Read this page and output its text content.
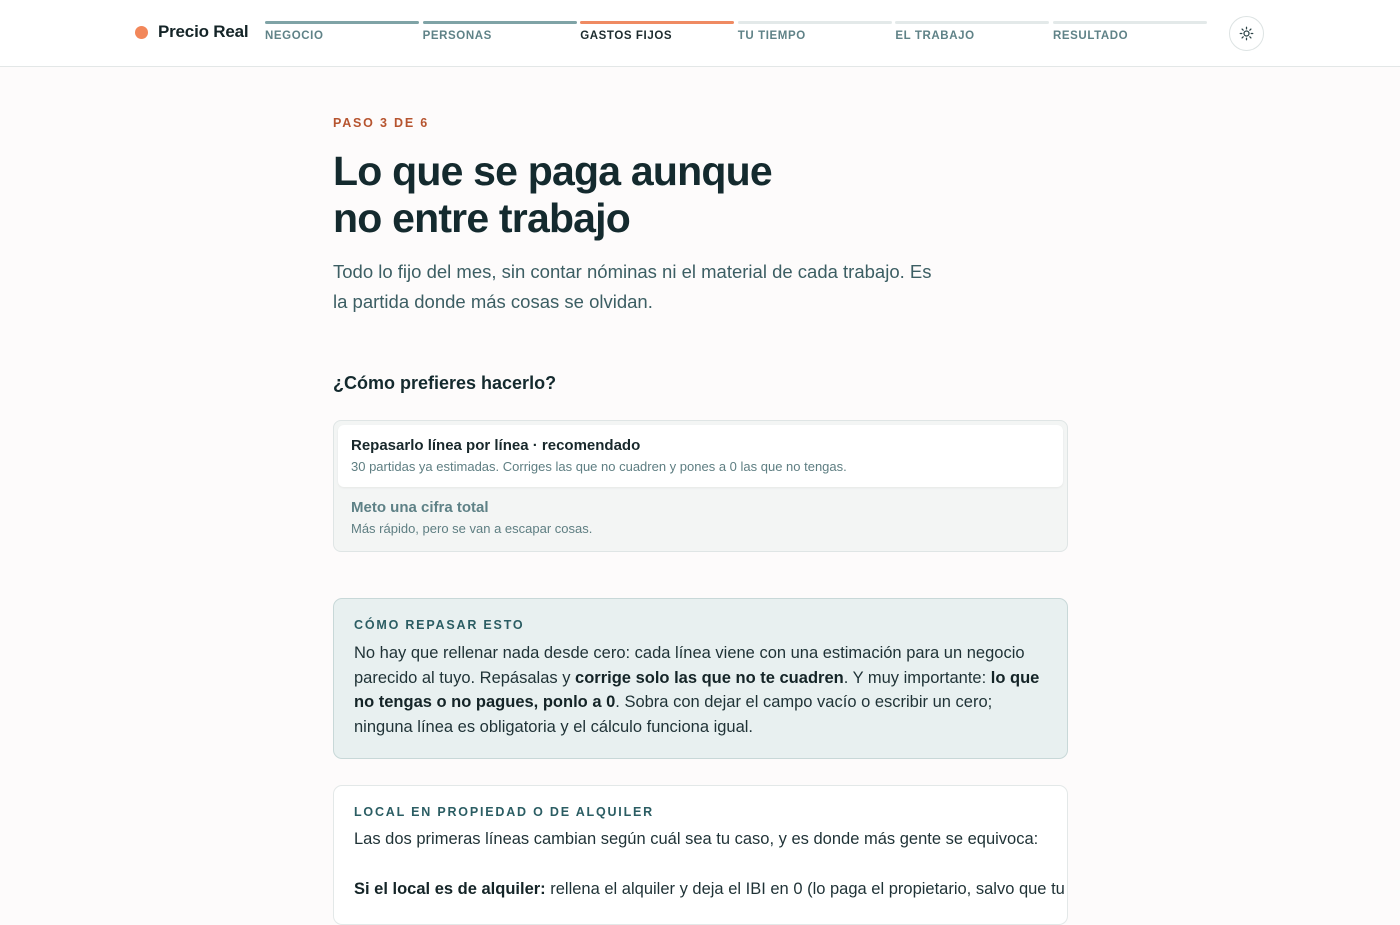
Precio Real NEGOCIO	PERSONAS	GASTOS FIJOS	TU TIEMPO	EL TRABAJO	RESULTADO
PASO 3 DE 6
Lo que se paga aunque
no entre trabajo

Todo lo fijo del mes, sin contar nóminas ni el material de cada trabajo. Es la partida donde más cosas se olvidan.

¿Cómo prefieres hacerlo?
Repasarlo línea por línea · recomendado
30 partidas ya estimadas. Corriges las que no cuadren y pones a 0 las que no tengas.
Meto una cifra total
Más rápido, pero se van a escapar cosas.
CÓMO REPASAR ESTO

No hay que rellenar nada desde cero: cada línea viene con una estimación para un negocio parecido al tuyo. Repásalas y corrige solo las que no te cuadren. Y muy importante: lo que no tengas o no pagues, ponlo a 0. Sobra con dejar el campo vacío o escribir un cero; ninguna línea es obligatoria y el cálculo funciona igual.

LOCAL EN PROPIEDAD O DE ALQUILER

Las dos primeras líneas cambian según cuál sea tu caso, y es donde más gente se equivoca:

Si el local es de alquiler: rellena el alquiler y deja el IBI en 0 (lo paga el propietario, salvo que tu
